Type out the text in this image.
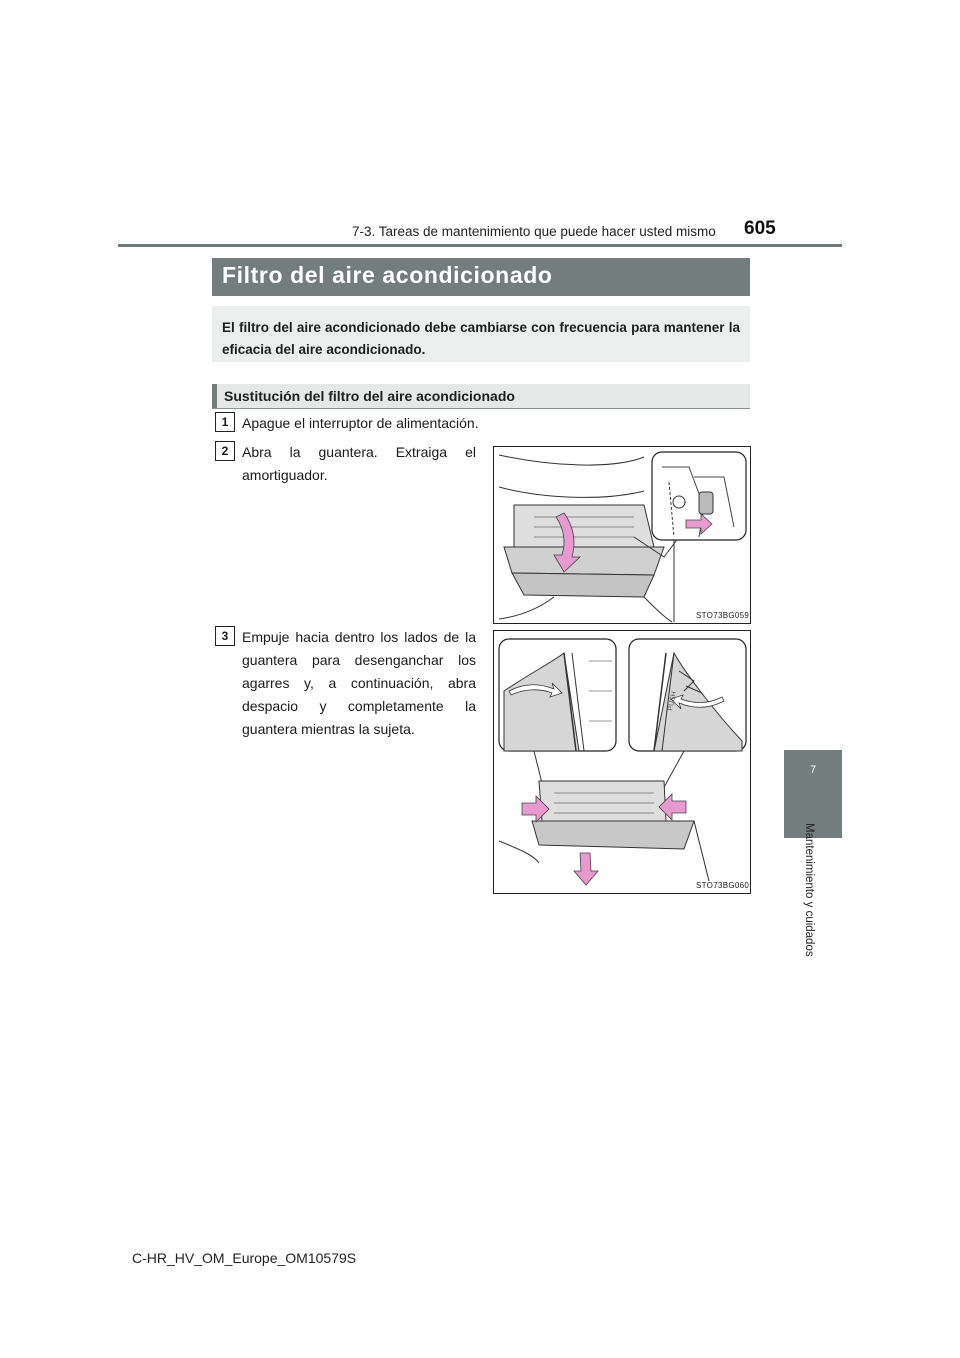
7-3. Tareas de mantenimiento que puede hacer usted mismo 605
7
Mantenimiento y cuidados
Filtro del aire acondicionado

El filtro del aire acondicionado debe cambiarse con frecuencia para mantener la eficacia del aire acondicionado.

Sustitución del filtro del aire acondicionado
1 Apague el interruptor de alimentación.
2 Abra la guantera. Extraiga el amortiguador.
STO73BG059
3 Empuje hacia dentro los lados de la guantera para desenganchar los agarres y, a continuación, abra despacio y completamente la guantera mientras la sujeta.
PUSH
STO73BG060
C-HR_HV_OM_Europe_OM10579S
